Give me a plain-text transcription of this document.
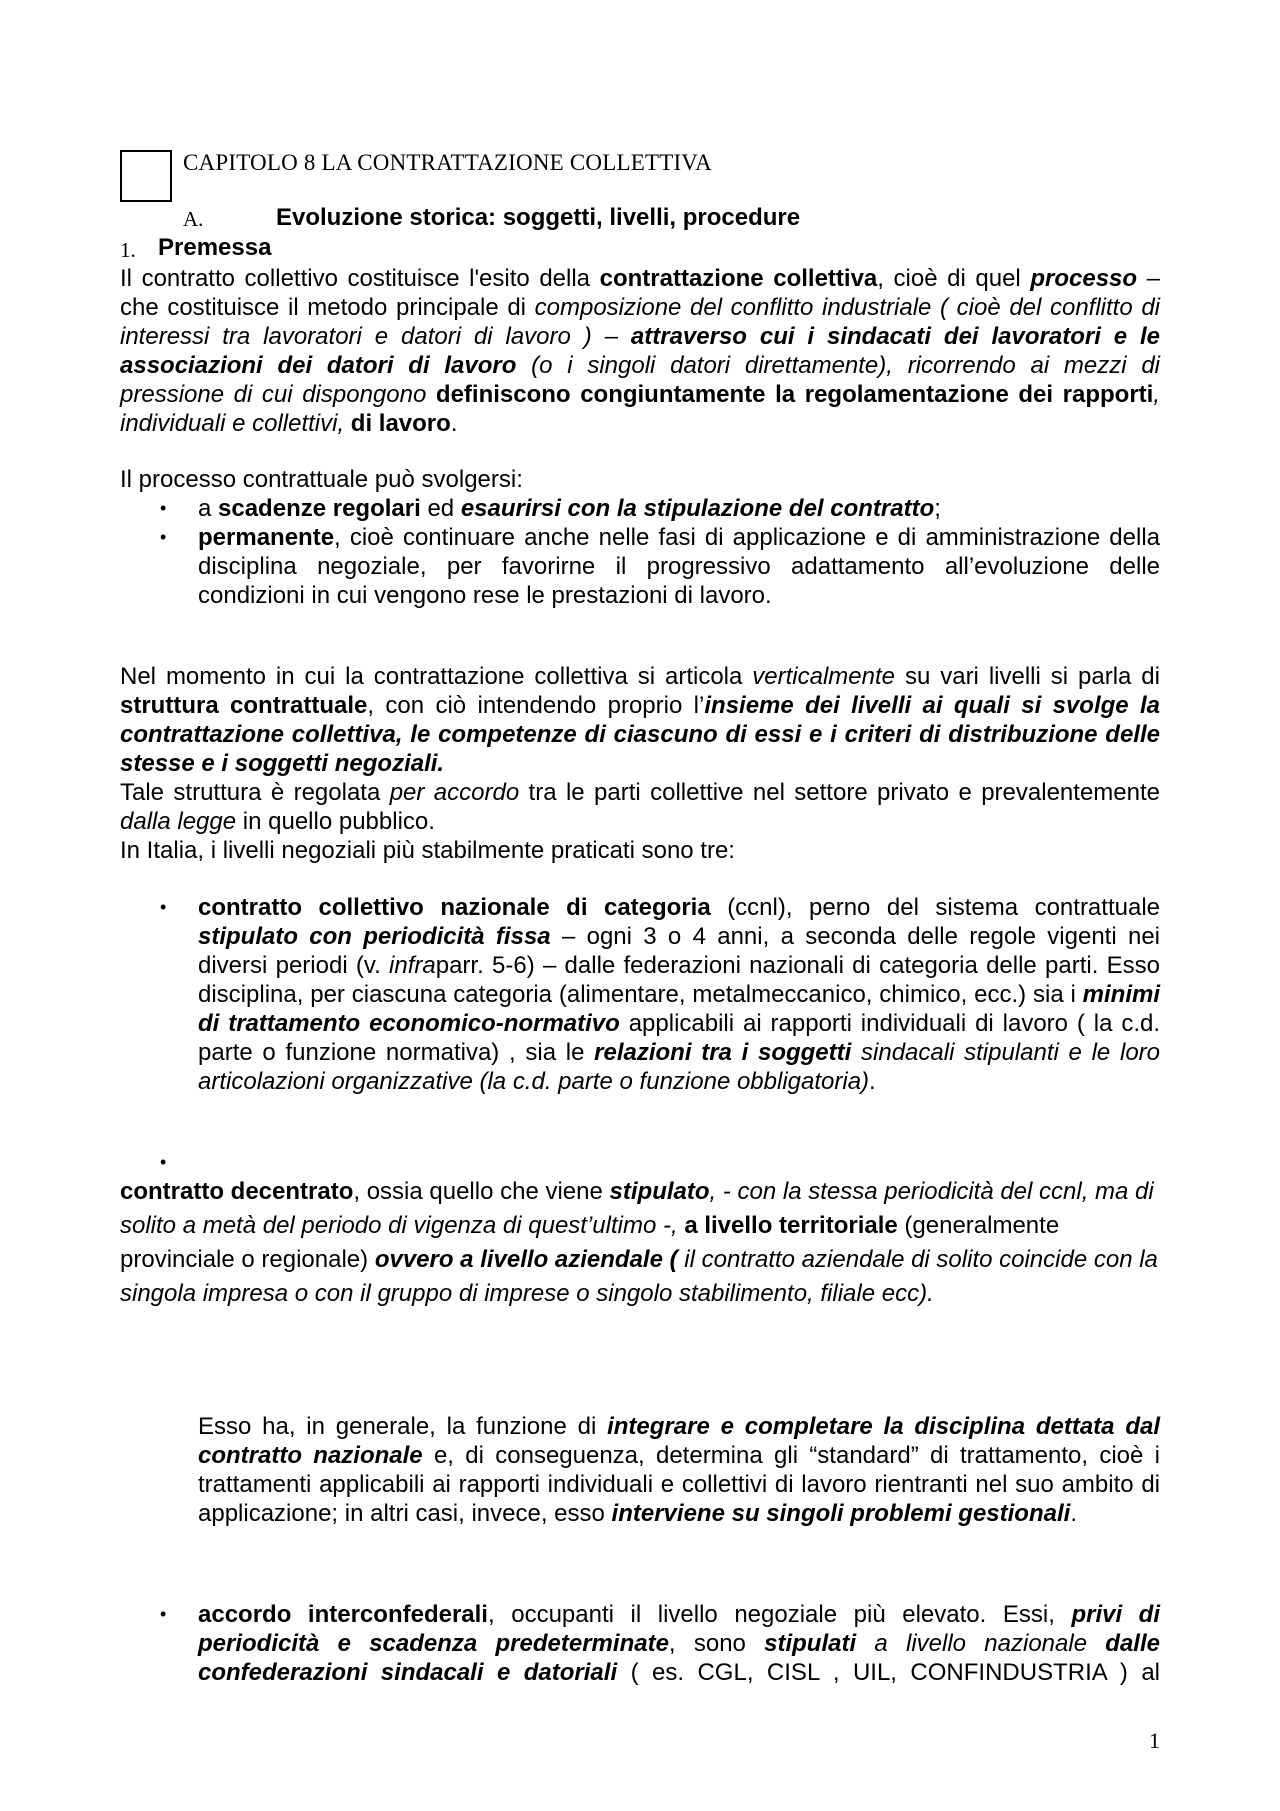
CAPITOLO 8 LA CONTRATTAZIONE COLLETTIVA
A.	Evoluzione storica: soggetti, livelli, procedure
1. Premessa

Il contratto collettivo costituisce l'esito della contrattazione collettiva, cioè di quel processo – che costituisce il metodo principale di composizione del conflitto industriale ( cioè del conflitto di interessi tra lavoratori e datori di lavoro ) – attraverso cui i sindacati dei lavoratori e le associazioni dei datori di lavoro (o i singoli datori direttamente), ricorrendo ai mezzi di pressione di cui dispongono definiscono congiuntamente la regolamentazione dei rapporti, individuali e collettivi, di lavoro.

Il processo contrattuale può svolgersi:
• a scadenze regolari ed esaurirsi con la stipulazione del contratto;

• permanente, cioè continuare anche nelle fasi di applicazione e di amministrazione della disciplina negoziale, per favorirne il progressivo adattamento all’evoluzione delle condizioni in cui vengono rese le prestazioni di lavoro.

Nel momento in cui la contrattazione collettiva si articola verticalmente su vari livelli si parla di struttura contrattuale, con ciò intendendo proprio l’insieme dei livelli ai quali si svolge la contrattazione collettiva, le competenze di ciascuno di essi e i criteri di distribuzione delle stesse e i soggetti negoziali.

Tale struttura è regolata per accordo tra le parti collettive nel settore privato e prevalentemente dalla legge in quello pubblico.

In Italia, i livelli negoziali più stabilmente praticati sono tre:

• contratto collettivo nazionale di categoria (ccnl), perno del sistema contrattuale stipulato con periodicità fissa – ogni 3 o 4 anni, a seconda delle regole vigenti nei diversi periodi (v. infraparr. 5-6) – dalle federazioni nazionali di categoria delle parti. Esso disciplina, per ciascuna categoria (alimentare, metalmeccanico, chimico, ecc.) sia i minimi di trattamento economico-normativo applicabili ai rapporti individuali di lavoro ( la c.d. parte o funzione normativa) , sia le relazioni tra i soggetti sindacali stipulanti e le loro articolazioni organizzative (la c.d. parte o funzione obbligatoria).

•

contratto decentrato, ossia quello che viene stipulato, - con la stessa periodicità del ccnl, ma di solito a metà del periodo di vigenza di quest’ultimo -, a livello territoriale (generalmente provinciale o regionale) ovvero a livello aziendale ( il contratto aziendale di solito coincide con la singola impresa o con il gruppo di imprese o singolo stabilimento, filiale ecc).

Esso ha, in generale, la funzione di integrare e completare la disciplina dettata dal contratto nazionale e, di conseguenza, determina gli “standard” di trattamento, cioè i trattamenti applicabili ai rapporti individuali e collettivi di lavoro rientranti nel suo ambito di applicazione; in altri casi, invece, esso interviene su singoli problemi gestionali.

• accordo interconfederali, occupanti il livello negoziale più elevato. Essi, privi di periodicità e scadenza predeterminate, sono stipulati a livello nazionale dalle confederazioni sindacali e datoriali ( es. CGL, CISL , UIL, CONFINDUSTRIA ) al

1
